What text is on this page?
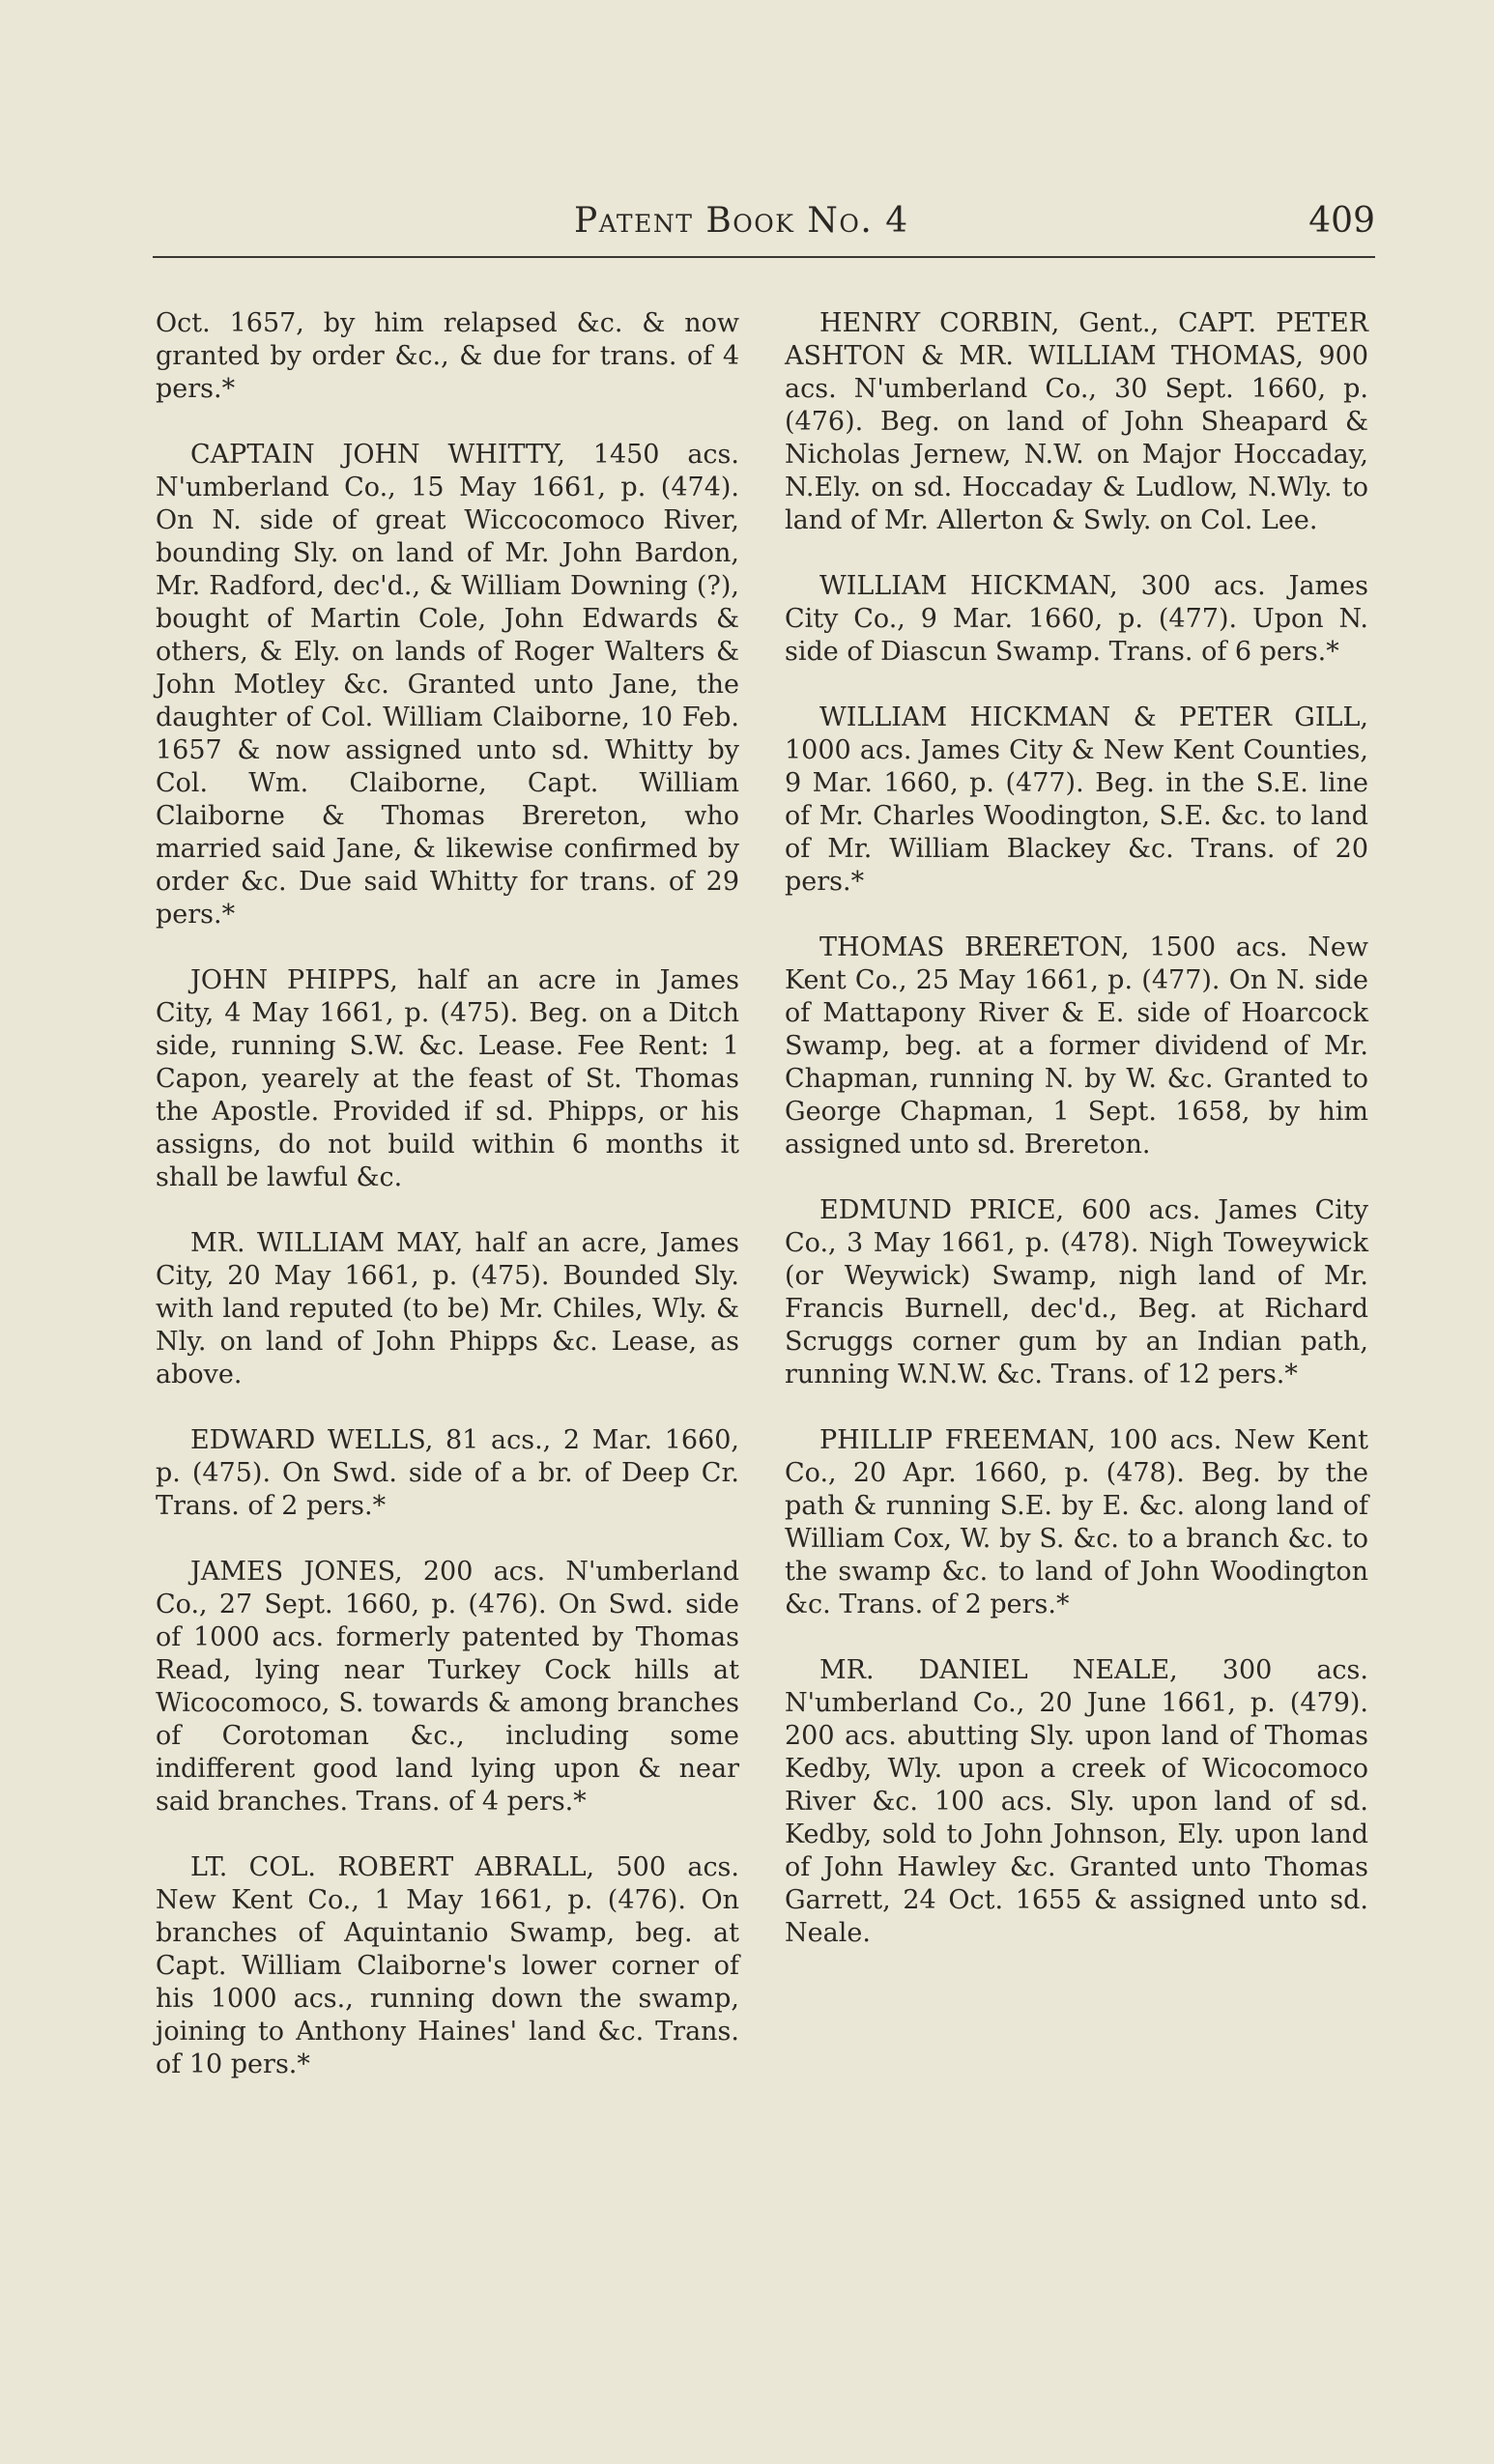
Patent Book No. 4	409

Oct. 1657, by him relapsed &c. & now granted by order &c., & due for trans. of 4 pers.*

CAPTAIN JOHN WHITTY, 1450 acs. N'umberland Co., 15 May 1661, p. (474). On N. side of great Wiccocomoco River, bounding Sly. on land of Mr. John Bardon, Mr. Radford, dec'd., & William Downing (?), bought of Martin Cole, John Edwards & others, & Ely. on lands of Roger Walters & John Motley &c. Granted unto Jane, the daughter of Col. William Claiborne, 10 Feb. 1657 & now assigned unto sd. Whitty by Col. Wm. Claiborne, Capt. William Claiborne & Thomas Brereton, who married said Jane, & likewise confirmed by order &c. Due said Whitty for trans. of 29 pers.*

JOHN PHIPPS, half an acre in James City, 4 May 1661, p. (475). Beg. on a Ditch side, running S.W. &c. Lease. Fee Rent: 1 Capon, yearely at the feast of St. Thomas the Apostle. Provided if sd. Phipps, or his assigns, do not build within 6 months it shall be lawful &c.

MR. WILLIAM MAY, half an acre, James City, 20 May 1661, p. (475). Bounded Sly. with land reputed (to be) Mr. Chiles, Wly. & Nly. on land of John Phipps &c. Lease, as above.

EDWARD WELLS, 81 acs., 2 Mar. 1660, p. (475). On Swd. side of a br. of Deep Cr. Trans. of 2 pers.*

JAMES JONES, 200 acs. N'umberland Co., 27 Sept. 1660, p. (476). On Swd. side of 1000 acs. formerly patented by Thomas Read, lying near Turkey Cock hills at Wicocomoco, S. towards & among branches of Corotoman &c., including some indifferent good land lying upon & near said branches. Trans. of 4 pers.*

LT. COL. ROBERT ABRALL, 500 acs. New Kent Co., 1 May 1661, p. (476). On branches of Aquintanio Swamp, beg. at Capt. William Claiborne's lower corner of his 1000 acs., running down the swamp, joining to Anthony Haines' land &c. Trans. of 10 pers.*

HENRY CORBIN, Gent., CAPT. PETER ASHTON & MR. WILLIAM THOMAS, 900 acs. N'umberland Co., 30 Sept. 1660, p. (476). Beg. on land of John Sheapard & Nicholas Jernew, N.W. on Major Hoccaday, N.Ely. on sd. Hoccaday & Ludlow, N.Wly. to land of Mr. Allerton & Swly. on Col. Lee.

WILLIAM HICKMAN, 300 acs. James City Co., 9 Mar. 1660, p. (477). Upon N. side of Diascun Swamp. Trans. of 6 pers.*

WILLIAM HICKMAN & PETER GILL, 1000 acs. James City & New Kent Counties, 9 Mar. 1660, p. (477). Beg. in the S.E. line of Mr. Charles Woodington, S.E. &c. to land of Mr. William Blackey &c. Trans. of 20 pers.*

THOMAS BRERETON, 1500 acs. New Kent Co., 25 May 1661, p. (477). On N. side of Mattapony River & E. side of Hoarcock Swamp, beg. at a former dividend of Mr. Chapman, running N. by W. &c. Granted to George Chapman, 1 Sept. 1658, by him assigned unto sd. Brereton.

EDMUND PRICE, 600 acs. James City Co., 3 May 1661, p. (478). Nigh Toweywick (or Weywick) Swamp, nigh land of Mr. Francis Burnell, dec'd., Beg. at Richard Scruggs corner gum by an Indian path, running W.N.W. &c. Trans. of 12 pers.*

PHILLIP FREEMAN, 100 acs. New Kent Co., 20 Apr. 1660, p. (478). Beg. by the path & running S.E. by E. &c. along land of William Cox, W. by S. &c. to a branch &c. to the swamp &c. to land of John Woodington &c. Trans. of 2 pers.*

MR. DANIEL NEALE, 300 acs. N'umberland Co., 20 June 1661, p. (479). 200 acs. abutting Sly. upon land of Thomas Kedby, Wly. upon a creek of Wicocomoco River &c. 100 acs. Sly. upon land of sd. Kedby, sold to John Johnson, Ely. upon land of John Hawley &c. Granted unto Thomas Garrett, 24 Oct. 1655 & assigned unto sd. Neale.
